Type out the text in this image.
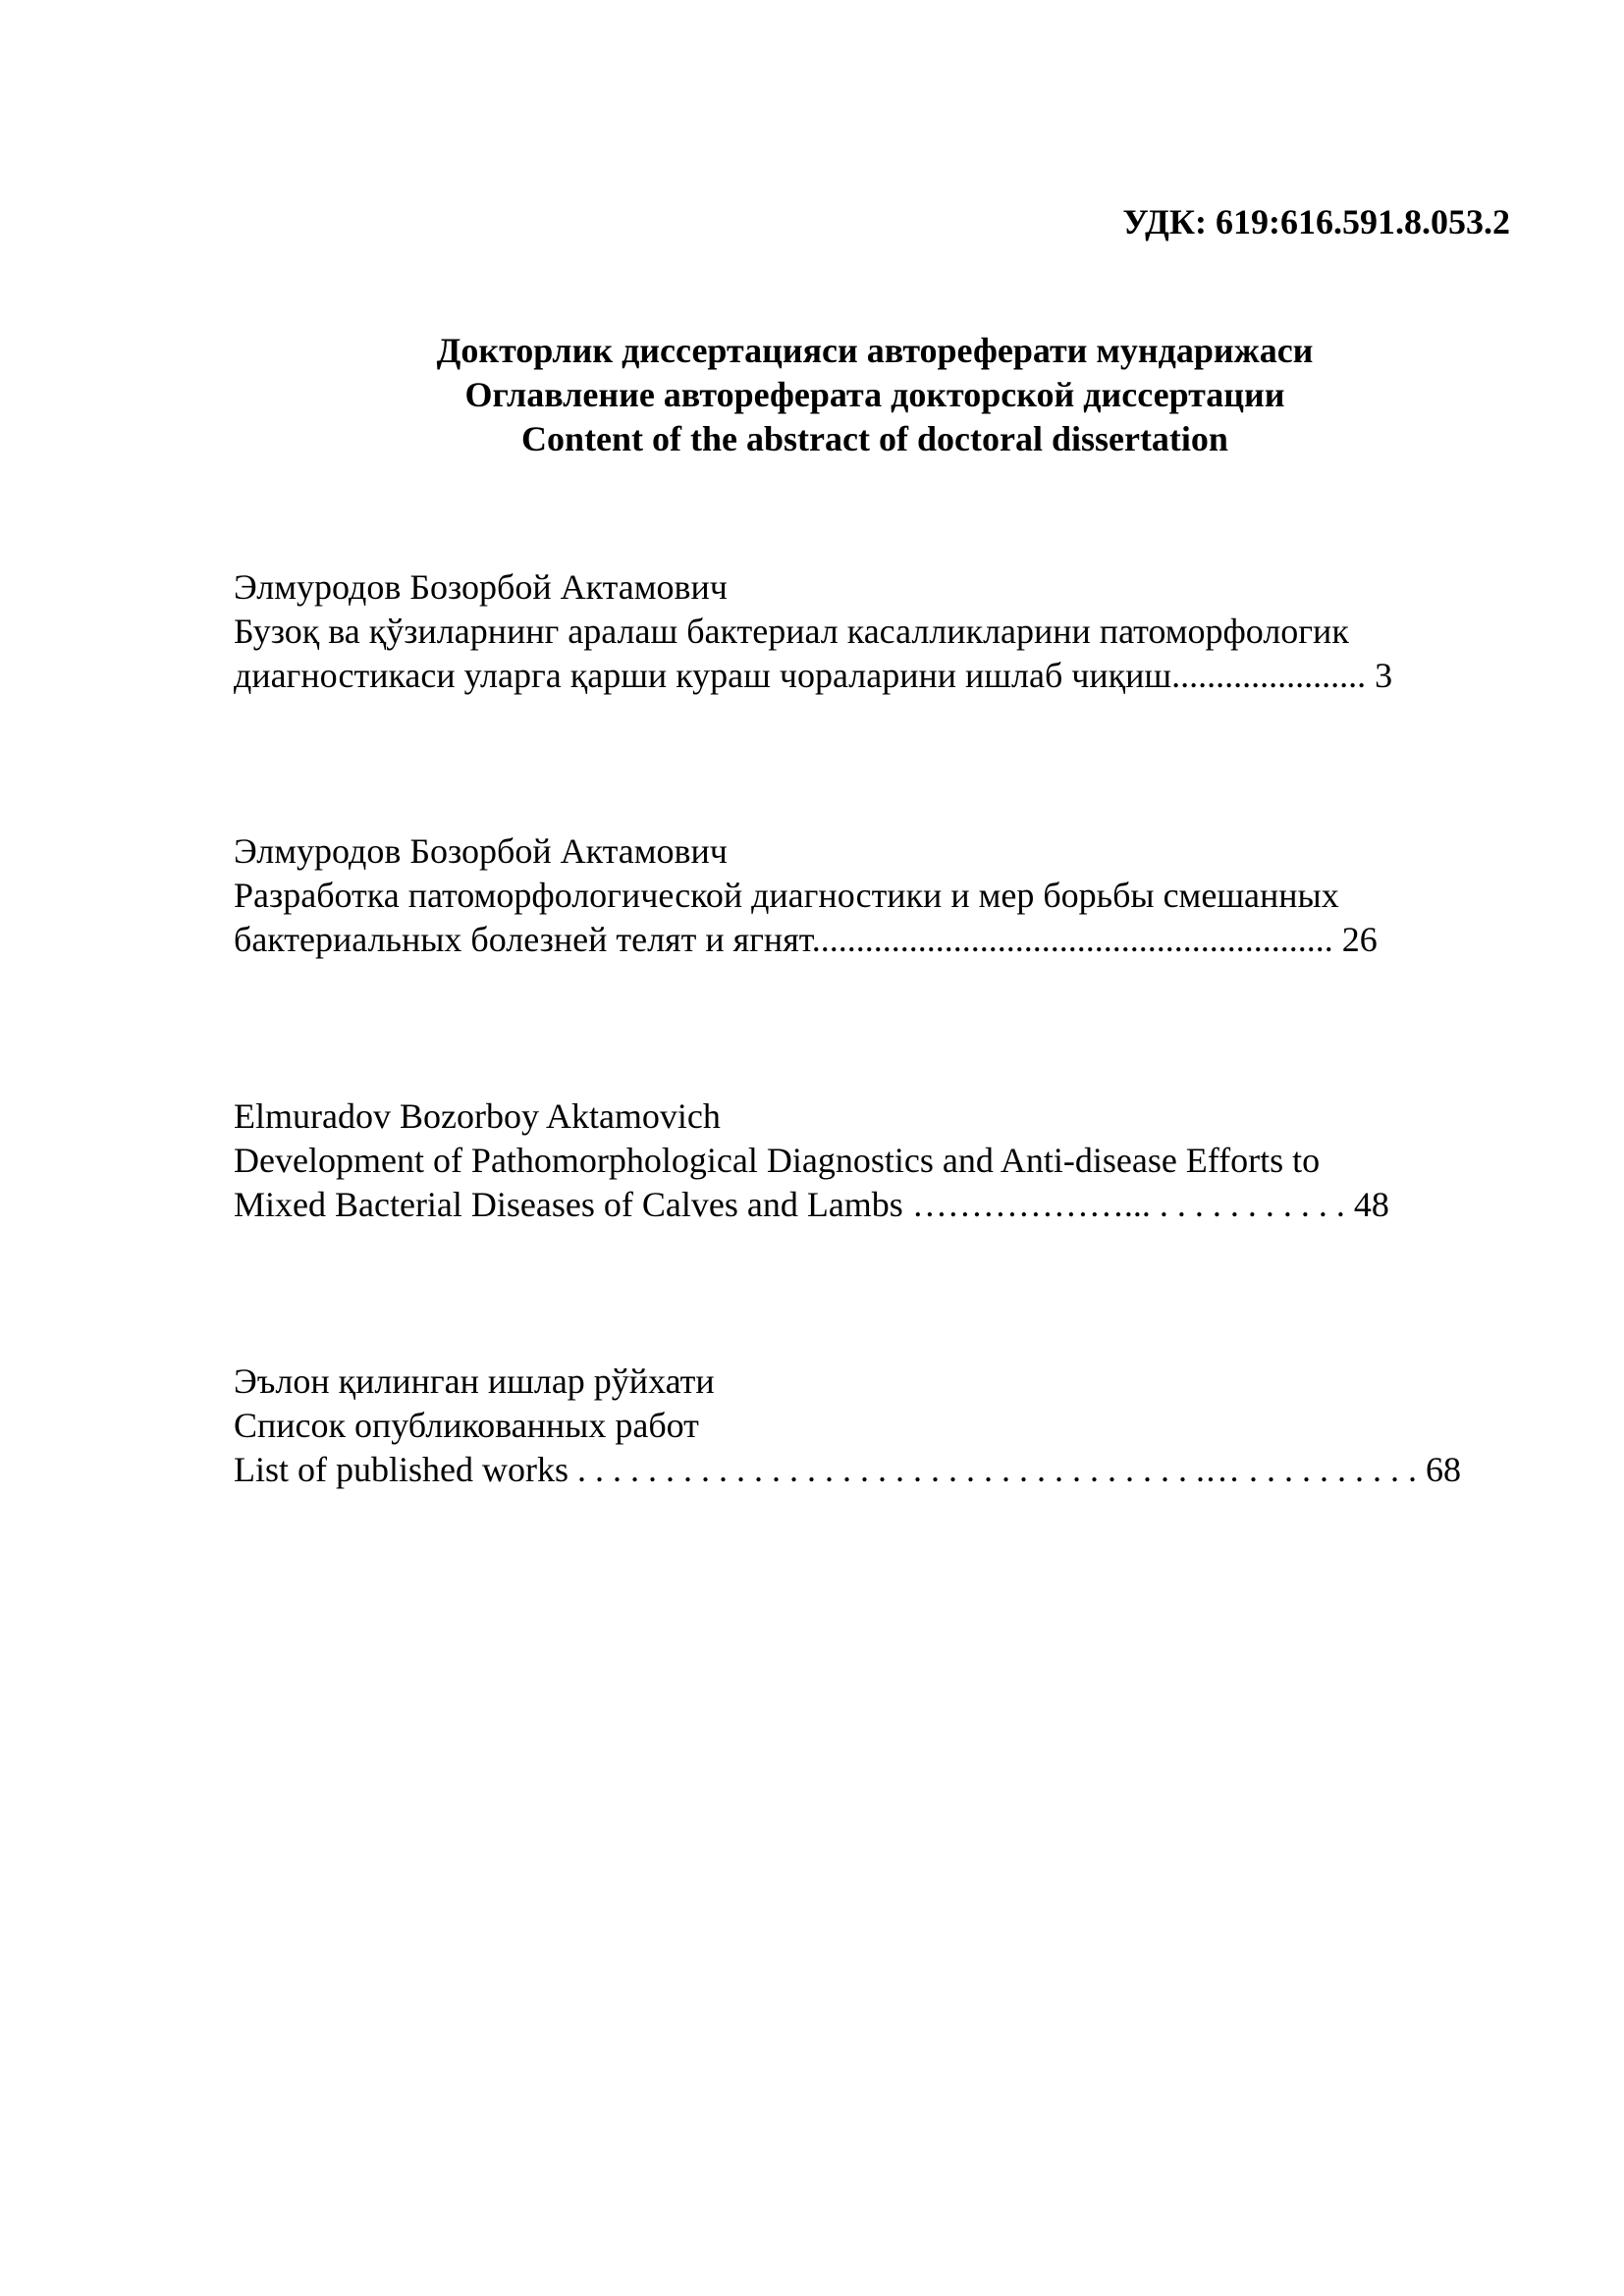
УДК: 619:616.591.8.053.2

Докторлик диссертацияси автореферати мундарижаси
Оглавление автореферата докторской диссертации
Content of the abstract of doctoral dissertation
Элмуродов Бозорбой Актамович
Бузоқ ва қўзиларнинг аралаш бактериал касалликларини патоморфологик
диагностикаси уларга қарши кураш чораларини ишлаб чиқиш...................... 3
Элмуродов Бозорбой Актамович
Разработка патоморфологической диагностики и мер борьбы смешанных
бактериальных болезней телят и ягнят........................................................... 26
Elmuradov Bozorboy Aktamovich
Development of Pathomorphological Diagnostics and Anti-disease Efforts to
Mixed Bacterial Diseases of Calves and Lambs ………………... . . . . . . . . . . . 48
Эълон қилинган ишлар рўйхати
Список опубликованных работ
List of published works . . . . . . . . . . . . . . . . . . . . . . . . . . . . . . . . . . . .… . . . . . . . . . . 68
